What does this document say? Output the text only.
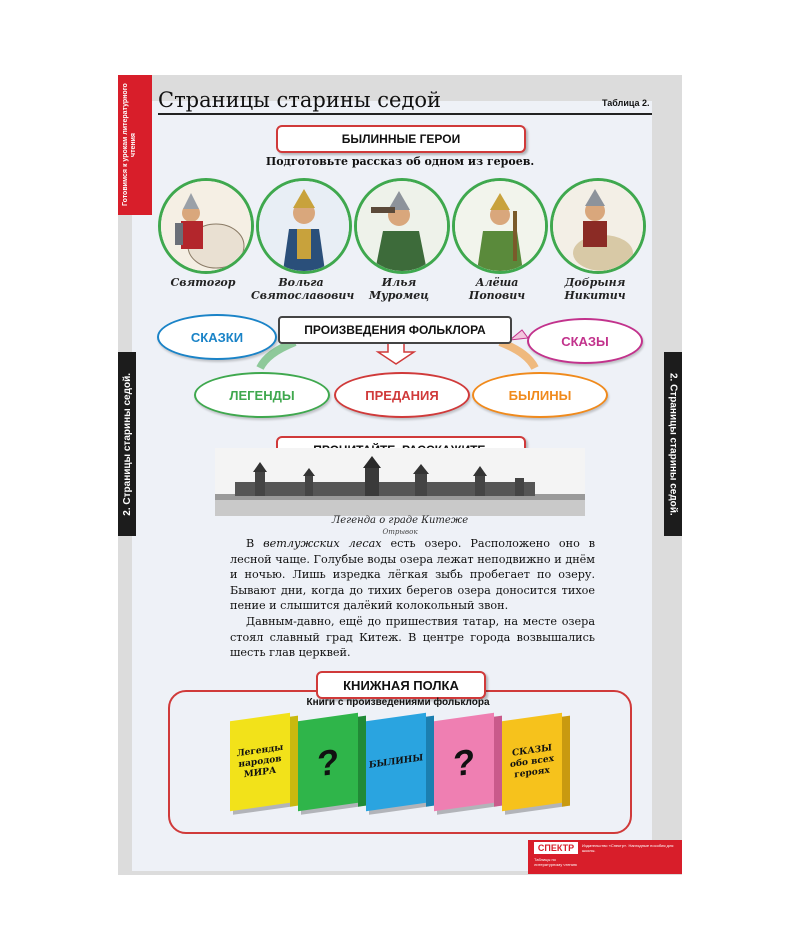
Готовимся к урокам литературного чтения
2. Страницы старины седой.	2. Страницы старины седой.
Страницы старины седой	Таблица 2.
БЫЛИННЫЕ ГЕРОИ
Подготовьте рассказ об одном из героев.
Святогор	Вольга
Святославович
Илья
Муромец
Алёша
Попович
Добрыня
Никитич
СКАЗКИ	СКАЗЫ
ПРОИЗВЕДЕНИЯ ФОЛЬКЛОРА
ЛЕГЕНДЫ	ПРЕДАНИЯ	БЫЛИНЫ
Легенда о граде Китеже
Отрывок

В ветлужских лесах есть озеро. Расположено оно в лесной чаще. Голубые воды озера лежат неподвижно и днём и ночью. Лишь изредка лёгкая зыбь пробегает по озеру. Бывают дни, когда до тихих берегов озера доносится тихое пение и слышится далёкий колокольный звон.

Давным-давно, ещё до пришествия татар, на месте озера стоял славный град Китеж. В центре города возвышались шесть глав церквей.

КНИЖНАЯ ПОЛКА
Книги с произведениями фольклора
Легенды народов МИРА	?	БЫЛИНЫ ?	СКАЗЫ обо всех героях
СПЕКТР	Издательство «Спектр». Наглядные пособия для школы.
Таблицы по литературному чтению
